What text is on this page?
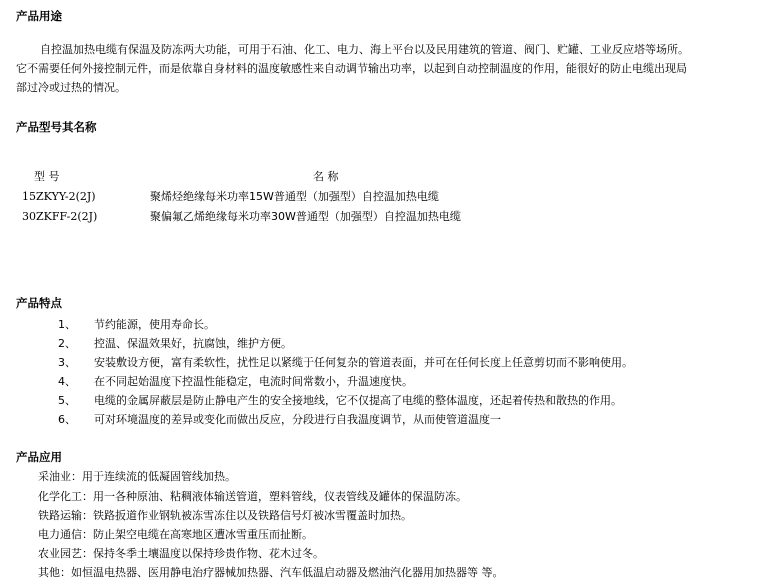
产品用途
自控温加热电缆有保温及防冻两大功能，可用于石油、化工、电力、海上平台以及民用建筑的管道、阀门、贮罐、工业反应塔等场所。
它不需要任何外接控制元件，而是依靠自身材料的温度敏感性来自动调节输出功率，以起到自动控制温度的作用，能很好的防止电缆出现局
部过冷或过热的情况。
产品型号其名称
型 号	名 称
15ZKYY-2(2J)	聚烯烃绝缘每米功率15W普通型（加强型）自控温加热电缆
30ZKFF-2(2J)	聚偏氟乙烯绝缘每米功率30W普通型（加强型）自控温加热电缆
产品特点
1、 节约能源，使用寿命长。
2、 控温、保温效果好，抗腐蚀，维护方便。
3、 安装敷设方便，富有柔软性，扰性足以紧缆于任何复杂的管道表面，并可在任何长度上任意剪切而不影响使用。
4、 在不同起始温度下控温性能稳定，电流时间常数小，升温速度快。
5、 电缆的金属屏蔽层是防止静电产生的安全接地线，它不仅提高了电缆的整体温度，还起着传热和散热的作用。
6、 可对环境温度的差异或变化而做出反应，分段进行自我温度调节，从而使管道温度一
产品应用
采油业：用于连续流的低凝固管线加热。
化学化工：用一各种原油、粘稠液体输送管道，塑料管线，仪表管线及罐体的保温防冻。
铁路运输：铁路扳道作业钢轨被冻雪冻住以及铁路信号灯被冰雪覆盖时加热。
电力通信：防止架空电缆在高寒地区遭冰雪重压而扯断。
农业园艺：保持冬季土壤温度以保持珍贵作物、花木过冬。
其他：如恒温电热器、医用静电治疗器械加热器、汽车低温启动器及燃油汽化器用加热器等 等。
